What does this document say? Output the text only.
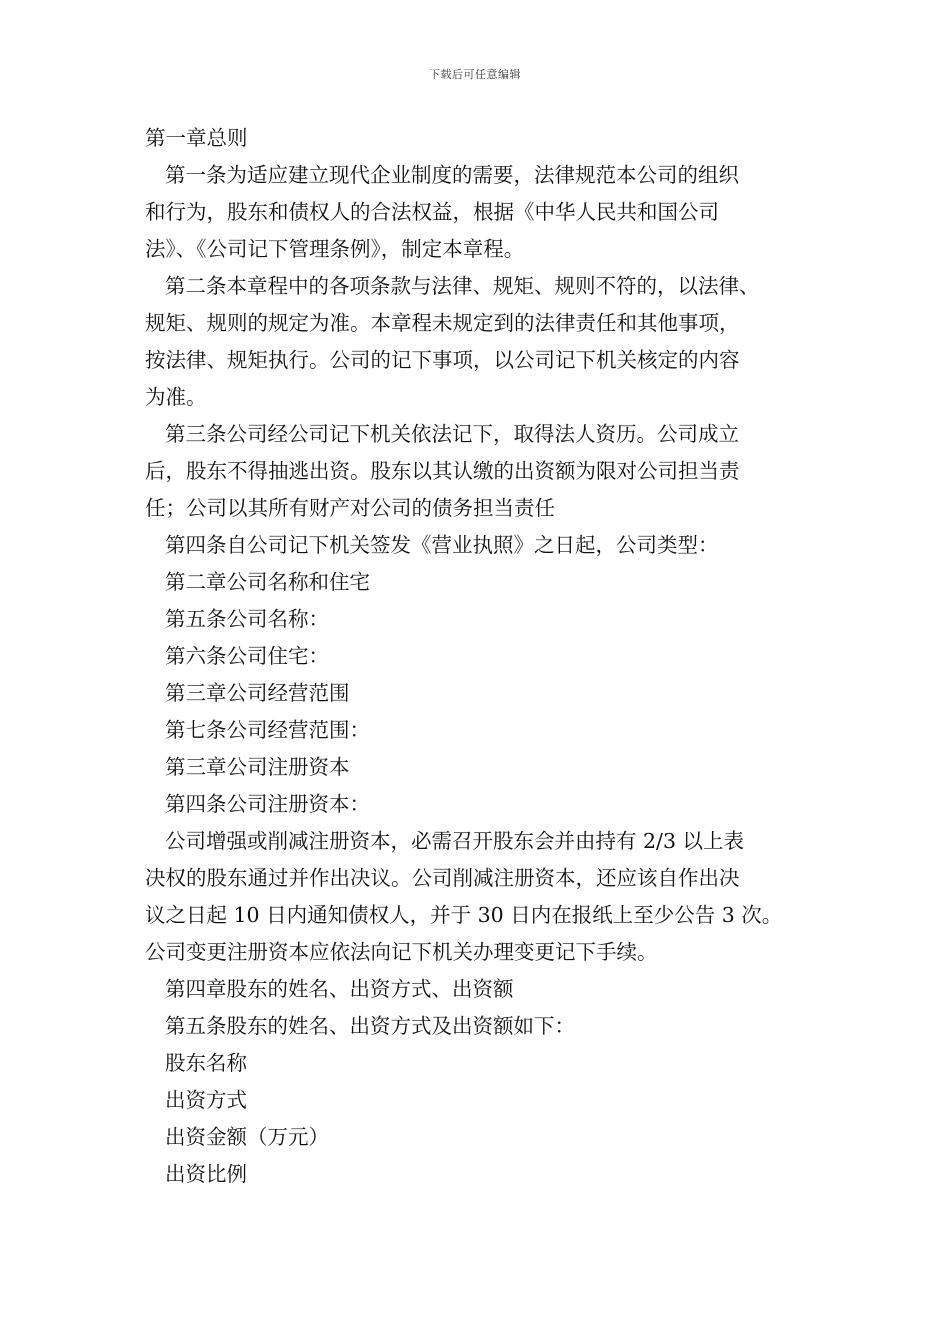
下载后可任意编辑

第一章总则

第一条为适应建立现代企业制度的需要，法律规范本公司的组织

和行为，股东和债权人的合法权益，根据《中华人民共和国公司

法》、《公司记下管理条例》，制定本章程。

第二条本章程中的各项条款与法律、规矩、规则不符的，以法律、

规矩、规则的规定为准。本章程未规定到的法律责任和其他事项，

按法律、规矩执行。公司的记下事项，以公司记下机关核定的内容

为准。

第三条公司经公司记下机关依法记下，取得法人资历。公司成立

后，股东不得抽逃出资。股东以其认缴的出资额为限对公司担当责

任；公司以其所有财产对公司的债务担当责任

第四条自公司记下机关签发《营业执照》之日起，公司类型：

第二章公司名称和住宅

第五条公司名称：

第六条公司住宅：

第三章公司经营范围

第七条公司经营范围：

第三章公司注册资本

第四条公司注册资本：

公司增强或削减注册资本，必需召开股东会并由持有 2/3 以上表

决权的股东通过并作出决议。公司削减注册资本，还应该自作出决

议之日起 10 日内通知债权人，并于 30 日内在报纸上至少公告 3 次。

公司变更注册资本应依法向记下机关办理变更记下手续。

第四章股东的姓名、出资方式、出资额

第五条股东的姓名、出资方式及出资额如下：

股东名称

出资方式

出资金额（万元）

出资比例
